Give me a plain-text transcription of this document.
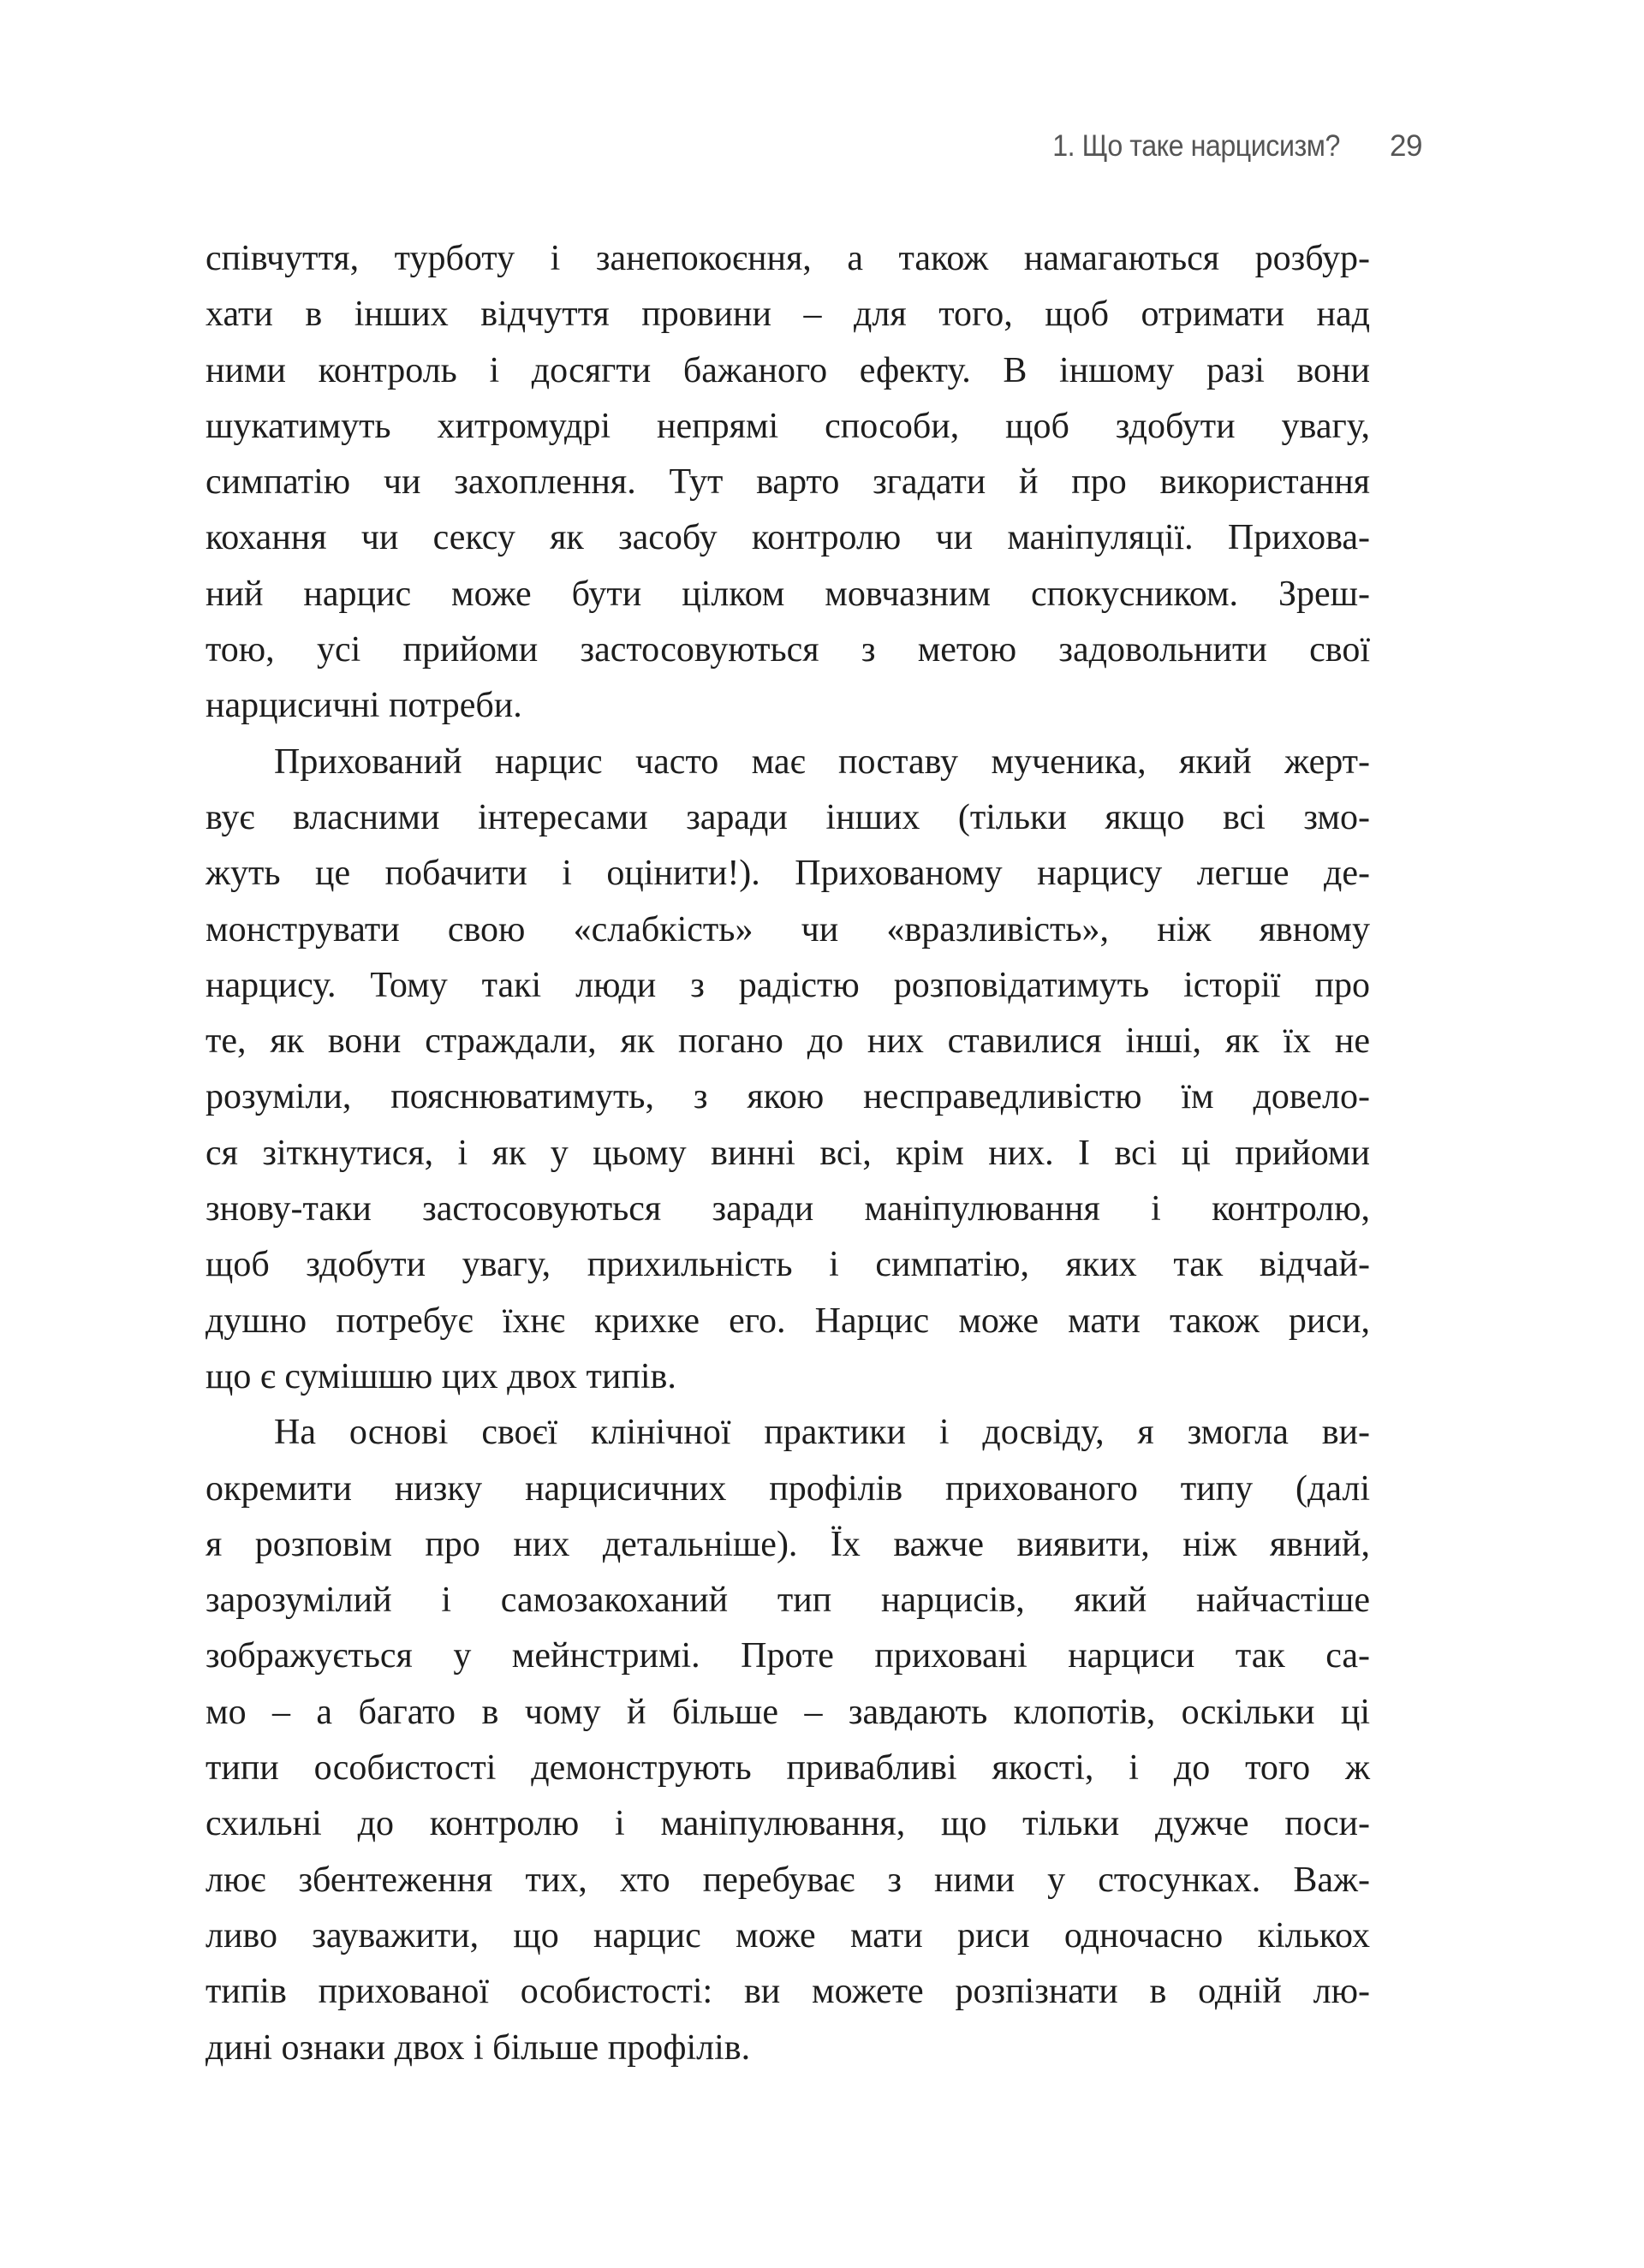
1. Що таке нарцисизм? 29
співчуття, турботу і занепокоєння, а також намагаються розбур-
хати в інших відчуття провини – для того, щоб отримати над
ними контроль і досягти бажаного ефекту. В іншому разі вони
шукатимуть хитромудрі непрямі способи, щоб здобути увагу,
симпатію чи захоплення. Тут варто згадати й про використання
кохання чи сексу як засобу контролю чи маніпуляції. Прихова-
ний нарцис може бути цілком мовчазним спокусником. Зреш-
тою, усі прийоми застосовуються з метою задовольнити свої
нарцисичні потреби.
Прихований нарцис часто має поставу мученика, який жерт-
вує власними інтересами заради інших (тільки якщо всі змо-
жуть це побачити і оцінити!). Прихованому нарцису легше де-
монструвати свою «слабкість» чи «вразливість», ніж явному
нарцису. Тому такі люди з радістю розповідатимуть історії про
те, як вони страждали, як погано до них ставилися інші, як їх не
розуміли, пояснюватимуть, з якою несправедливістю їм довело-
ся зіткнутися, і як у цьому винні всі, крім них. І всі ці прийоми
знову-таки застосовуються заради маніпулювання і контролю,
щоб здобути увагу, прихильність і симпатію, яких так відчай-
душно потребує їхнє крихке его. Нарцис може мати також риси,
що є сумішшю цих двох типів.
На основі своєї клінічної практики і досвіду, я змогла ви-
окремити низку нарцисичних профілів прихованого типу (далі
я розповім про них детальніше). Їх важче виявити, ніж явний,
зарозумілий і самозакоханий тип нарцисів, який найчастіше
зображується у мейнстримі. Проте приховані нарциси так са-
мо – а багато в чому й більше – завдають клопотів, оскільки ці
типи особистості демонструють привабливі якості, і до того ж
схильні до контролю і маніпулювання, що тільки дужче поси-
лює збентеження тих, хто перебуває з ними у стосунках. Важ-
ливо зауважити, що нарцис може мати риси одночасно кількох
типів прихованої особистості: ви можете розпізнати в одній лю-
дині ознаки двох і більше профілів.
